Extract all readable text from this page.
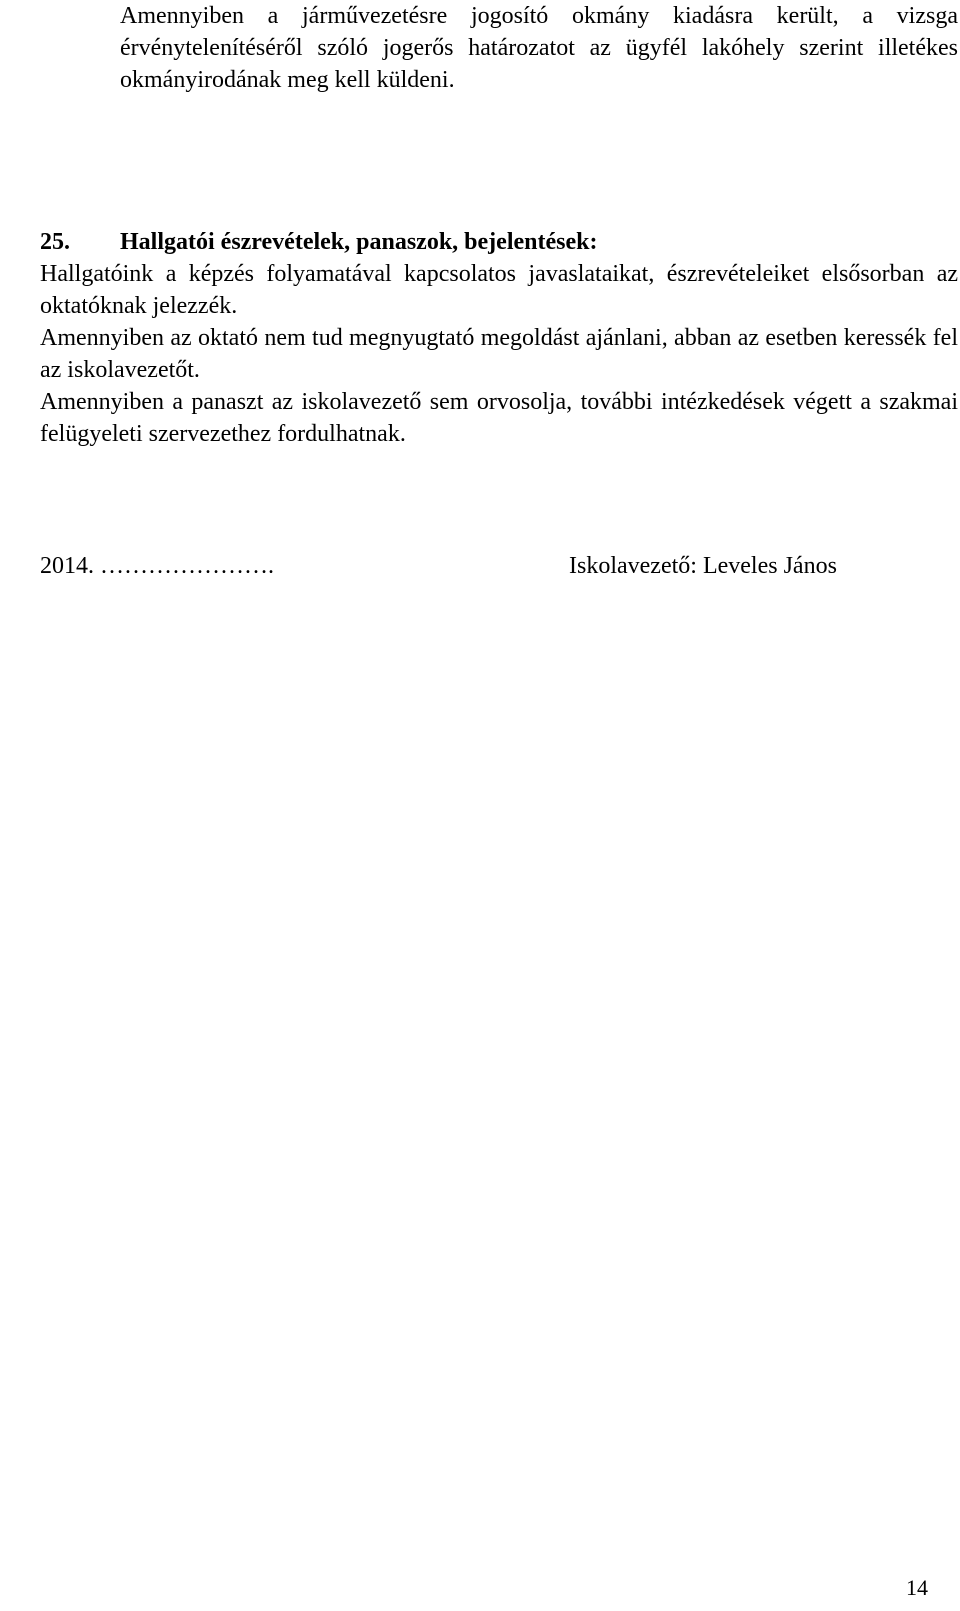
Amennyiben a járművezetésre jogosító okmány kiadásra került, a vizsga érvénytelenítéséről szóló jogerős határozatot az ügyfél lakóhely szerint illetékes okmányirodának meg kell küldeni.
25.	Hallgatói észrevételek, panaszok, bejelentések:

Hallgatóink a képzés folyamatával kapcsolatos javaslataikat, észrevételeiket elsősorban az oktatóknak jelezzék.

Amennyiben az oktató nem tud megnyugtató megoldást ajánlani, abban az esetben keressék fel az iskolavezetőt.

Amennyiben a panaszt az iskolavezető sem orvosolja, további intézkedések végett a szakmai felügyeleti szervezethez fordulhatnak.

2014. ………………….	Iskolavezető: Leveles János
14
